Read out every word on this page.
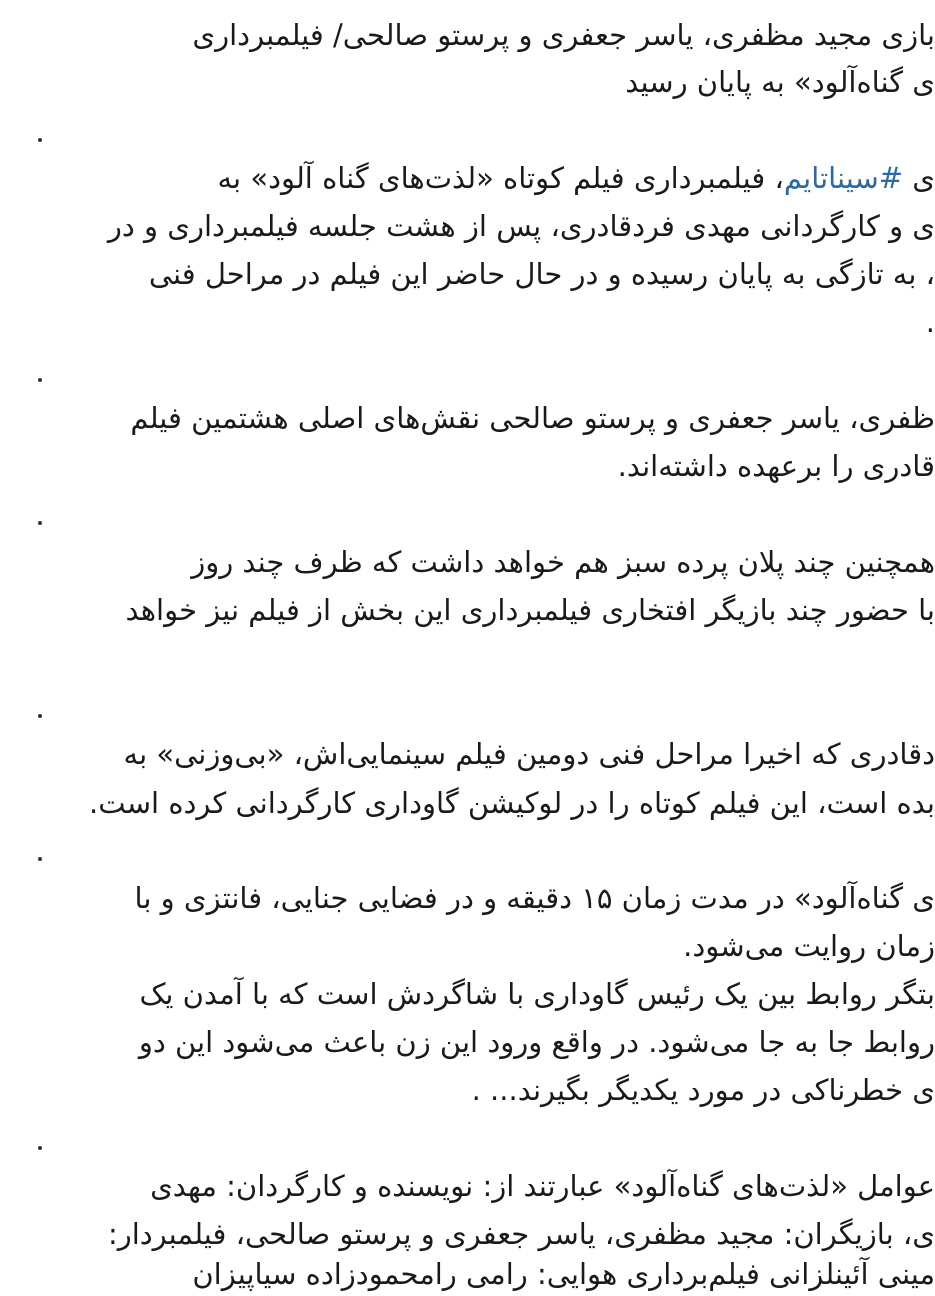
بازی مجید مظفری، یاسر جعفری و پرستو صالحی/ فیلمبرداری

ی گناه‌آلود» به پایان رسید

ی #سیناتایم، فیلمبرداری فیلم کوتاه «لذت‌های گناه آلود» به

ی و کارگردانی مهدی فردقادری، پس از هشت جلسه فیلمبرداری و در

، به تازگی به پایان رسیده و در حال حاضر این فیلم در مراحل فنی

.

ظفری، یاسر جعفری و پرستو صالحی نقش‌های اصلی هشتمین فیلم

قادری را برعهده داشته‌اند.

همچنین چند پلان پرده سبز هم خواهد داشت که ظرف چند روز

با حضور چند بازیگر افتخاری فیلمبرداری این بخش از فیلم نیز خواهد

دقادری که اخیرا مراحل فنی دومین فیلم سینمایی‌اش، «بی‌وزنی» به

بده است، این فیلم کوتاه را در لوکیشن گاوداری کارگردانی کرده است.

ی گناه‌آلود» در مدت زمان ۱۵ دقیقه و در فضایی جنایی، فانتزی و با

زمان روایت می‌شود.

بتگر روابط بین یک رئیس گاوداری با شاگردش است که با آمدن یک

روابط جا به جا می‌شود. در واقع ورود این زن باعث می‌شود این دو

ی خطرناکی در مورد یکدیگر بگیرند... .

عوامل «لذت‌های گناه‌آلود» عبارتند از: نویسنده و کارگردان: مهدی

ی، بازیگران: مجید مظفری، یاسر جعفری و پرستو صالحی، فیلمبردار:

مینی آئینلزانی فیلم‌برداری هوایی: رامی رامحمودزاده سیا‌پیزان
